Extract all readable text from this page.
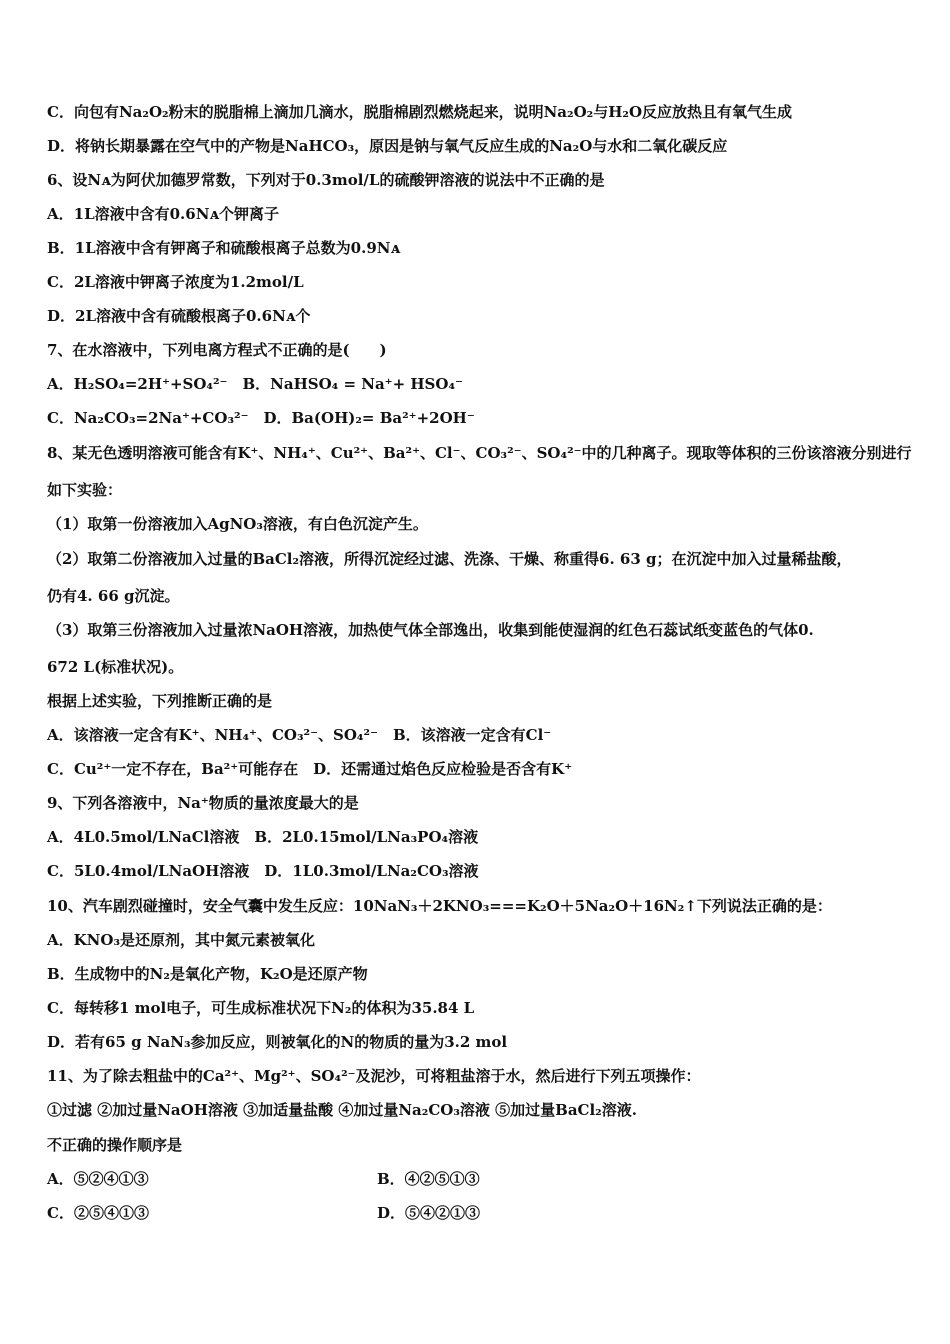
C．向包有Na₂O₂粉末的脱脂棉上滴加几滴水，脱脂棉剧烈燃烧起来，说明Na₂O₂与H₂O反应放热且有氧气生成
D．将钠长期暴露在空气中的产物是NaHCO₃，原因是钠与氧气反应生成的Na₂O与水和二氧化碳反应
6、设Nᴀ为阿伏加德罗常数，下列对于0.3mol/L的硫酸钾溶液的说法中不正确的是
A．1L溶液中含有0.6Nᴀ个钾离子
B．1L溶液中含有钾离子和硫酸根离子总数为0.9Nᴀ
C．2L溶液中钾离子浓度为1.2mol/L
D．2L溶液中含有硫酸根离子0.6Nᴀ个
7、在水溶液中，下列电离方程式不正确的是(　　)
A．H₂SO₄=2H⁺+SO₄²⁻　B．NaHSO₄ = Na⁺+ HSO₄⁻
C．Na₂CO₃=2Na⁺+CO₃²⁻　D．Ba(OH)₂= Ba²⁺+2OH⁻
8、某无色透明溶液可能含有K⁺、NH₄⁺、Cu²⁺、Ba²⁺、Cl⁻、CO₃²⁻、SO₄²⁻中的几种离子。现取等体积的三份该溶液分别进行
如下实验：
（1）取第一份溶液加入AgNO₃溶液，有白色沉淀产生。
（2）取第二份溶液加入过量的BaCl₂溶液，所得沉淀经过滤、洗涤、干燥、称重得6. 63 g；在沉淀中加入过量稀盐酸，
仍有4. 66 g沉淀。
（3）取第三份溶液加入过量浓NaOH溶液，加热使气体全部逸出，收集到能使湿润的红色石蕊试纸变蓝色的气体0.
672 L(标准状况)。
根据上述实验，下列推断正确的是
A．该溶液一定含有K⁺、NH₄⁺、CO₃²⁻、SO₄²⁻　B．该溶液一定含有Cl⁻
C．Cu²⁺一定不存在，Ba²⁺可能存在　D．还需通过焰色反应检验是否含有K⁺
9、下列各溶液中，Na⁺物质的量浓度最大的是
A．4L0.5mol/LNaCl溶液　B．2L0.15mol/LNa₃PO₄溶液
C．5L0.4mol/LNaOH溶液　D．1L0.3mol/LNa₂CO₃溶液
10、汽车剧烈碰撞时，安全气囊中发生反应：10NaN₃＋2KNO₃===K₂O＋5Na₂O＋16N₂↑下列说法正确的是：
A．KNO₃是还原剂，其中氮元素被氧化
B．生成物中的N₂是氧化产物，K₂O是还原产物
C．每转移1 mol电子，可生成标准状况下N₂的体积为35.84 L
D．若有65 g NaN₃参加反应，则被氧化的N的物质的量为3.2 mol
11、为了除去粗盐中的Ca²⁺、Mg²⁺、SO₄²⁻及泥沙，可将粗盐溶于水，然后进行下列五项操作：
①过滤 ②加过量NaOH溶液 ③加适量盐酸 ④加过量Na₂CO₃溶液 ⑤加过量BaCl₂溶液.
不正确的操作顺序是
A．⑤②④①③	B．④②⑤①③
C．②⑤④①③	D．⑤④②①③
